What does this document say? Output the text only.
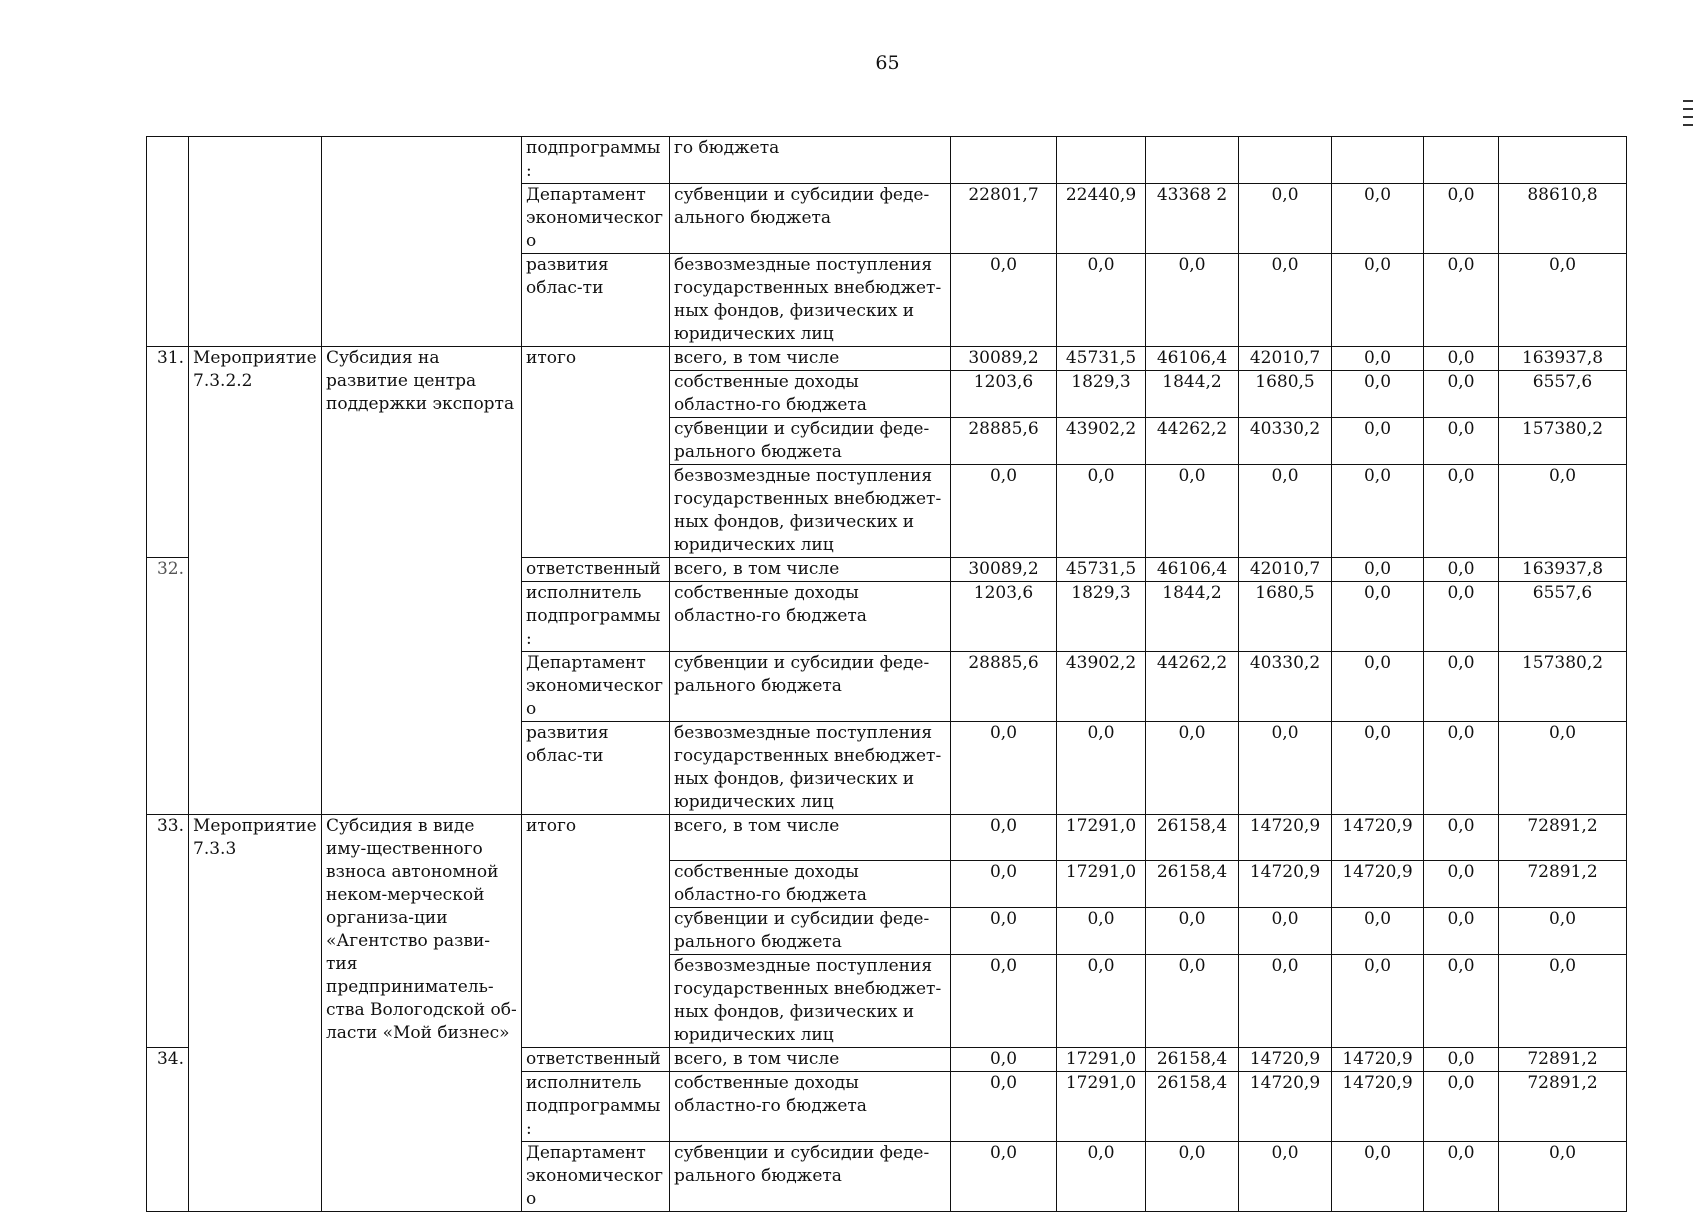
65
			подпрограммы:	го бюджета							
			Департамент экономического	субвенции и субсидии феде-ального бюджета	22801,7	22440,9	43368 2	0,0	0,0	0,0	88610,8
			развития облас-ти	безвозмездные поступления государственных внебюджет-ных фондов, физических и юридических лиц	0,0	0,0	0,0	0,0	0,0	0,0	0,0
31.	Мероприятие 7.3.2.2	Субсидия на развитие центра поддержки экспорта	итого	всего, в том числе	30089,2	45731,5	46106,4	42010,7	0,0	0,0	163937,8
				собственные доходы областно-го бюджета	1203,6	1829,3	1844,2	1680,5	0,0	0,0	6557,6
				субвенции и субсидии феде-рального бюджета	28885,6	43902,2	44262,2	40330,2	0,0	0,0	157380,2
				безвозмездные поступления государственных внебюджет-ных фондов, физических и юридических лиц	0,0	0,0	0,0	0,0	0,0	0,0	0,0
32.			ответственный	всего, в том числе	30089,2	45731,5	46106,4	42010,7	0,0	0,0	163937,8
			исполнитель подпрограммы:	собственные доходы областно-го бюджета	1203,6	1829,3	1844,2	1680,5	0,0	0,0	6557,6
			Департамент экономического	субвенции и субсидии феде-рального бюджета	28885,6	43902,2	44262,2	40330,2	0,0	0,0	157380,2
			развития облас-ти	безвозмездные поступления государственных внебюджет-ных фондов, физических и юридических лиц	0,0	0,0	0,0	0,0	0,0	0,0	0,0
33.	Мероприятие 7.3.3	Субсидия в виде иму-щественного взноса автономной неком-мерческой организа-ции «Агентство разви-тия предприниматель-ства Вологодской об-ласти «Мой бизнес»	итого	всего, в том числе	0,0	17291,0	26158,4	14720,9	14720,9	0,0	72891,2
				собственные доходы областно-го бюджета	0,0	17291,0	26158,4	14720,9	14720,9	0,0	72891,2
				субвенции и субсидии феде-рального бюджета	0,0	0,0	0,0	0,0	0,0	0,0	0,0
				безвозмездные поступления государственных внебюджет-ных фондов, физических и юридических лиц	0,0	0,0	0,0	0,0	0,0	0,0	0,0
34.			ответственный	всего, в том числе	0,0	17291,0	26158,4	14720,9	14720,9	0,0	72891,2
			исполнитель подпрограммы:	собственные доходы областно-го бюджета	0,0	17291,0	26158,4	14720,9	14720,9	0,0	72891,2
			Департамент экономического	субвенции и субсидии феде-рального бюджета	0,0	0,0	0,0	0,0	0,0	0,0	0,0
